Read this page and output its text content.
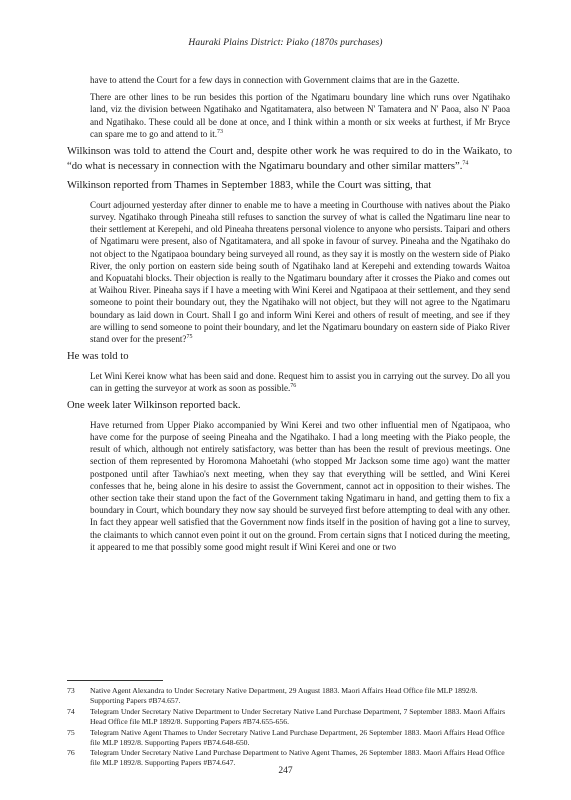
Hauraki Plains District: Piako (1870s purchases)

have to attend the Court for a few days in connection with Government claims that are in the Gazette.

There are other lines to be run besides this portion of the Ngatimaru boundary line which runs over Ngatihako land, viz the division between Ngatihako and Ngatitamatera, also between N' Tamatera and N' Paoa, also N' Paoa and Ngatihako. These could all be done at once, and I think within a month or six weeks at furthest, if Mr Bryce can spare me to go and attend to it.$^{73}$

Wilkinson was told to attend the Court and, despite other work he was required to do in the Waikato, to “do what is necessary in connection with the Ngatimaru boundary and other similar matters”.$^{74}$

Wilkinson reported from Thames in September 1883, while the Court was sitting, that

Court adjourned yesterday after dinner to enable me to have a meeting in Courthouse with natives about the Piako survey. Ngatihako through Pineaha still refuses to sanction the survey of what is called the Ngatimaru line near to their settlement at Kerepehi, and old Pineaha threatens personal violence to anyone who persists. Taipari and others of Ngatimaru were present, also of Ngatitamatera, and all spoke in favour of survey. Pineaha and the Ngatihako do not object to the Ngatipaoa boundary being surveyed all round, as they say it is mostly on the western side of Piako River, the only portion on eastern side being south of Ngatihako land at Kerepehi and extending towards Waitoa and Kopuatahi blocks. Their objection is really to the Ngatimaru boundary after it crosses the Piako and comes out at Waihou River. Pineaha says if I have a meeting with Wini Kerei and Ngatipaoa at their settlement, and they send someone to point their boundary out, they the Ngatihako will not object, but they will not agree to the Ngatimaru boundary as laid down in Court. Shall I go and inform Wini Kerei and others of result of meeting, and see if they are willing to send someone to point their boundary, and let the Ngatimaru boundary on eastern side of Piako River stand over for the present?$^{75}$

He was told to

Let Wini Kerei know what has been said and done. Request him to assist you in carrying out the survey. Do all you can in getting the surveyor at work as soon as possible.$^{76}$

One week later Wilkinson reported back.

Have returned from Upper Piako accompanied by Wini Kerei and two other influential men of Ngatipaoa, who have come for the purpose of seeing Pineaha and the Ngatihako. I had a long meeting with the Piako people, the result of which, although not entirely satisfactory, was better than has been the result of previous meetings. One section of them represented by Horomona Mahoetahi (who stopped Mr Jackson some time ago) want the matter postponed until after Tawhiao's next meeting, when they say that everything will be settled, and Wini Kerei confesses that he, being alone in his desire to assist the Government, cannot act in opposition to their wishes. The other section take their stand upon the fact of the Government taking Ngatimaru in hand, and getting them to fix a boundary in Court, which boundary they now say should be surveyed first before attempting to deal with any other. In fact they appear well satisfied that the Government now finds itself in the position of having got a line to survey, the claimants to which cannot even point it out on the ground. From certain signs that I noticed during the meeting, it appeared to me that possibly some good might result if Wini Kerei and one or two

73	Native Agent Alexandra to Under Secretary Native Department, 29 August 1883. Maori Affairs Head Office file MLP 1892/8. Supporting Papers #B74.657.
74	Telegram Under Secretary Native Department to Under Secretary Native Land Purchase Department, 7 September 1883. Maori Affairs Head Office file MLP 1892/8. Supporting Papers #B74.655-656.
75	Telegram Native Agent Thames to Under Secretary Native Land Purchase Department, 26 September 1883. Maori Affairs Head Office file MLP 1892/8. Supporting Papers #B74.648-650.
76	Telegram Under Secretary Native Land Purchase Department to Native Agent Thames, 26 September 1883. Maori Affairs Head Office file MLP 1892/8. Supporting Papers #B74.647.
247
